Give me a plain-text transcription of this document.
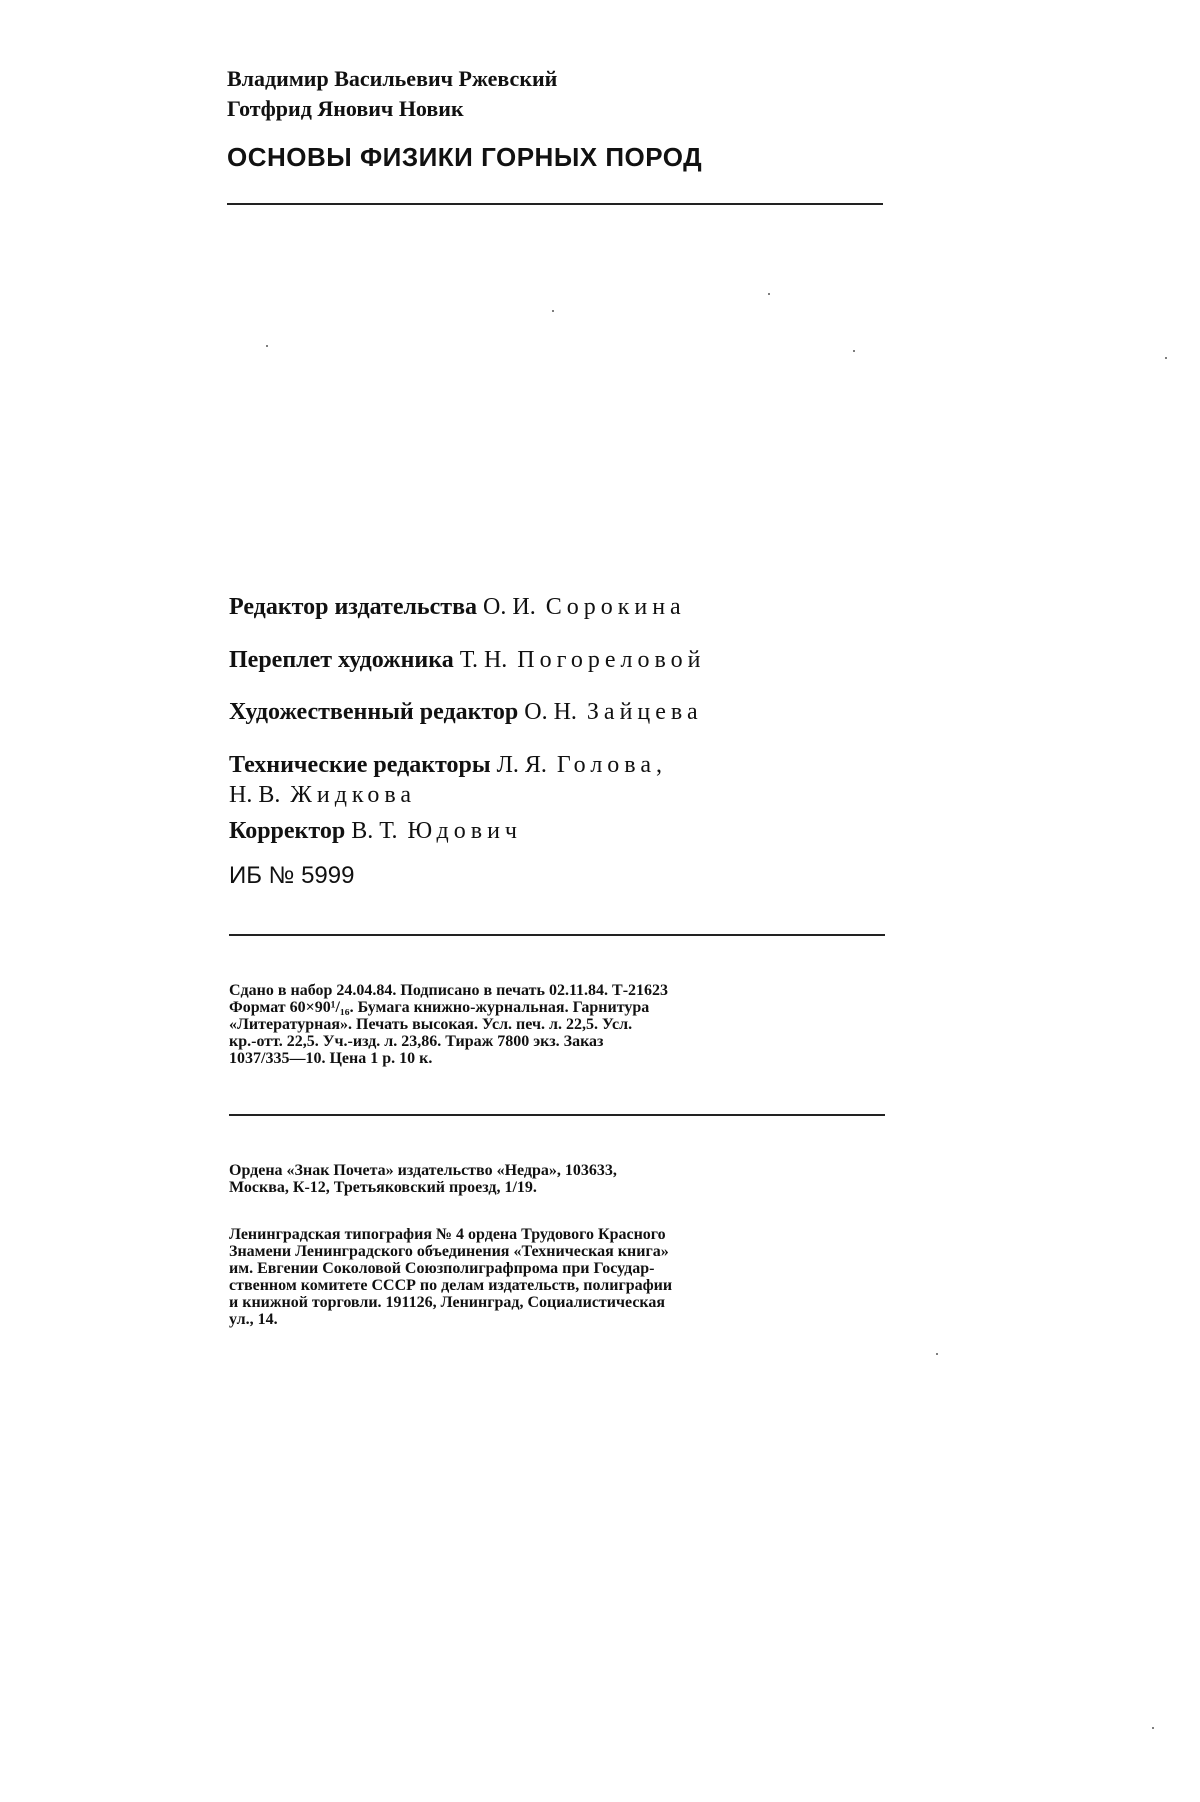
Владимир Васильевич Ржевский
Готфрид Янович Новик
ОСНОВЫ ФИЗИКИ ГОРНЫХ ПОРОД
Редактор издательства О. И. Сорокина
Переплет художника Т. Н. Погореловой
Художественный редактор О. Н. Зайцева
Технические редакторы Л. Я. Голова,
Н. В. Жидкова
Корректор В. Т. Юдович
ИБ № 5999
Сдано в набор 24.04.84. Подписано в печать 02.11.84. Т-21623
Формат 60×90¹/₁₆. Бумага книжно-журнальная. Гарнитура
«Литературная». Печать высокая. Усл. печ. л. 22,5. Усл.
кр.-отт. 22,5. Уч.-изд. л. 23,86. Тираж 7800 экз. Заказ
1037/335—10. Цена 1 р. 10 к.
Ордена «Знак Почета» издательство «Недра», 103633,
Москва, К-12, Третьяковский проезд, 1/19.
Ленинградская типография № 4 ордена Трудового Красного
Знамени Ленинградского объединения «Техническая книга»
им. Евгении Соколовой Союзполиграфпрома при Государ-
ственном комитете СССР по делам издательств, полиграфии
и книжной торговли. 191126, Ленинград, Социалистическая
ул., 14.
